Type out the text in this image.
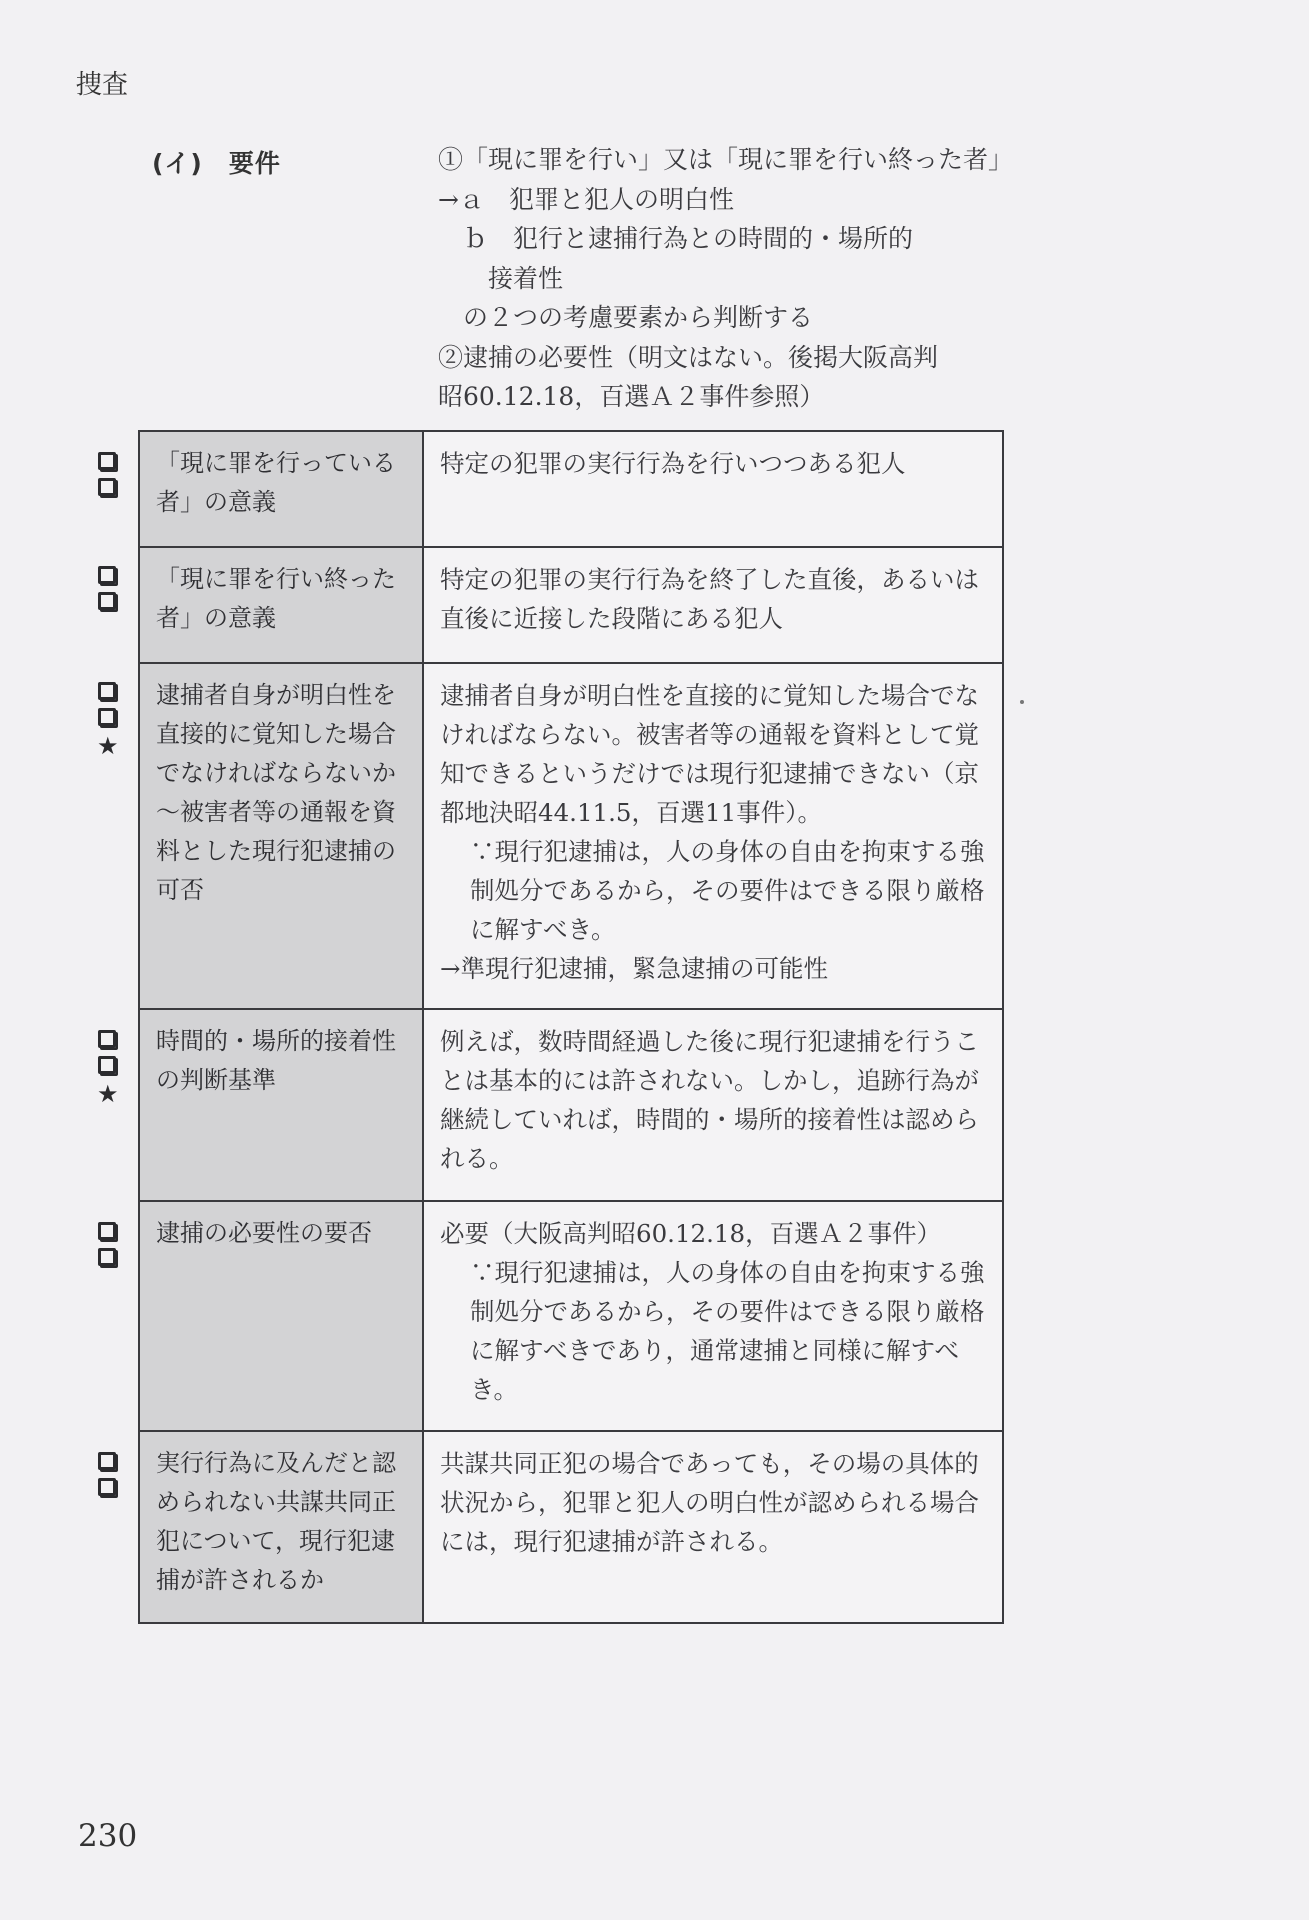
捜査
(イ)　要件	①「現に罪を行い」又は「現に罪を行い終った者」
→ａ　犯罪と犯人の明白性
　ｂ　犯行と逮捕行為との時間的・場所的
　　接着性
　の２つの考慮要素から判断する
②逮捕の必要性（明文はない。後掲大阪高判
昭60.12.18，百選Ａ２事件参照）
★
★
「現に罪を行っている者」の意義	特定の犯罪の実行行為を行いつつある犯人

「現に罪を行い終った者」の意義	特定の犯罪の実行行為を終了した直後，あるいは直後に近接した段階にある犯人

逮捕者自身が明白性を直接的に覚知した場合でなければならないか～被害者等の通報を資料とした現行犯逮捕の可否	逮捕者自身が明白性を直接的に覚知した場合でなければならない。被害者等の通報を資料として覚知できるというだけでは現行犯逮捕できない（京都地決昭44.11.5，百選11事件）。
∵現行犯逮捕は，人の身体の自由を拘束する強制処分であるから，その要件はできる限り厳格に解すべき。
→準現行犯逮捕，緊急逮捕の可能性

時間的・場所的接着性の判断基準	例えば，数時間経過した後に現行犯逮捕を行うことは基本的には許されない。しかし，追跡行為が継続していれば，時間的・場所的接着性は認められる。

逮捕の必要性の要否	必要（大阪高判昭60.12.18，百選Ａ２事件）
∵現行犯逮捕は，人の身体の自由を拘束する強制処分であるから，その要件はできる限り厳格に解すべきであり，通常逮捕と同様に解すべき。

実行行為に及んだと認められない共謀共同正犯について，現行犯逮捕が許されるか	共謀共同正犯の場合であっても，その場の具体的状況から，犯罪と犯人の明白性が認められる場合には，現行犯逮捕が許される。
230
